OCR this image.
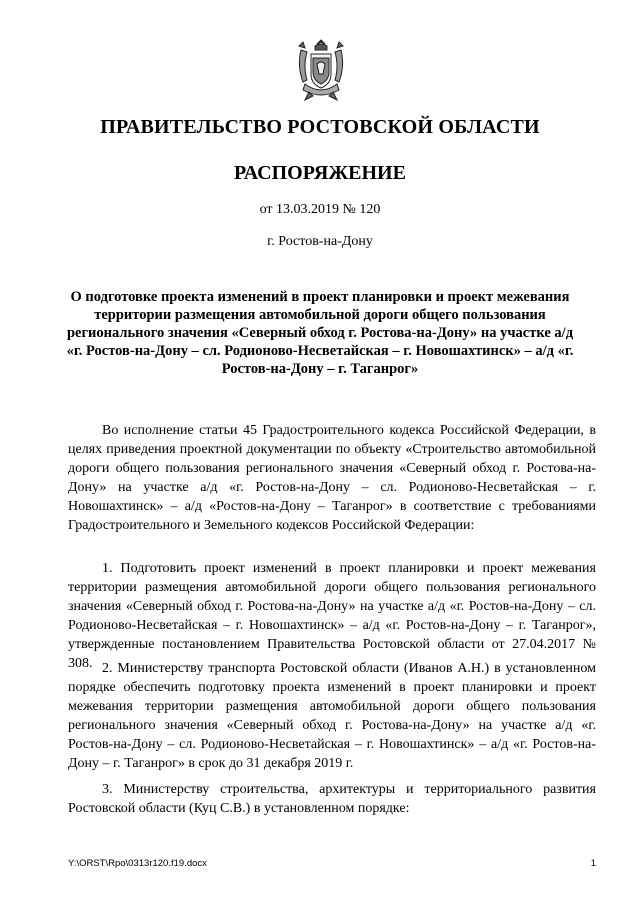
ПРАВИТЕЛЬСТВО РОСТОВСКОЙ ОБЛАСТИ
РАСПОРЯЖЕНИЕ
от 13.03.2019 № 120
г. Ростов-на-Дону
О подготовке проекта изменений в проект планировки и проект межевания территории размещения автомобильной дороги общего пользования регионального значения «Северный обход г. Ростова-на-Дону» на участке а/д «г. Ростов-на-Дону – сл. Родионово-Несветайская – г. Новошахтинск» – а/д «г. Ростов-на-Дону – г. Таганрог»

Во исполнение статьи 45 Градостроительного кодекса Российской Федерации, в целях приведения проектной документации по объекту «Строительство автомобильной дороги общего пользования регионального значения «Северный обход г. Ростова-на-Дону» на участке а/д «г. Ростов-на-Дону – сл. Родионово-Несветайская – г. Новошахтинск» – а/д «Ростов-на-Дону – Таганрог» в соответствие с требованиями Градостроительного и Земельного кодексов Российской Федерации:

1. Подготовить проект изменений в проект планировки и проект межевания территории размещения автомобильной дороги общего пользования регионального значения «Северный обход г. Ростова-на-Дону» на участке а/д «г. Ростов-на-Дону – сл. Родионово-Несветайская – г. Новошахтинск» – а/д «г. Ростов-на-Дону – г. Таганрог», утвержденные постановлением Правительства Ростовской области от 27.04.2017 № 308. 2. Министерству транспорта Ростовской области (Иванов А.Н.) в установленном порядке обеспечить подготовку проекта изменений в проект планировки и проект межевания территории размещения автомобильной дороги общего пользования регионального значения «Северный обход г. Ростова-на-Дону» на участке а/д «г. Ростов-на-Дону – сл. Родионово-Несветайская – г. Новошахтинск» – а/д «г. Ростов-на-Дону – г. Таганрог» в срок до 31 декабря 2019 г.

3. Министерству строительства, архитектуры и территориального развития Ростовской области (Куц С.В.) в установленном порядке:

Y:\ORST\Rpo\0313r120.f19.docx	1
